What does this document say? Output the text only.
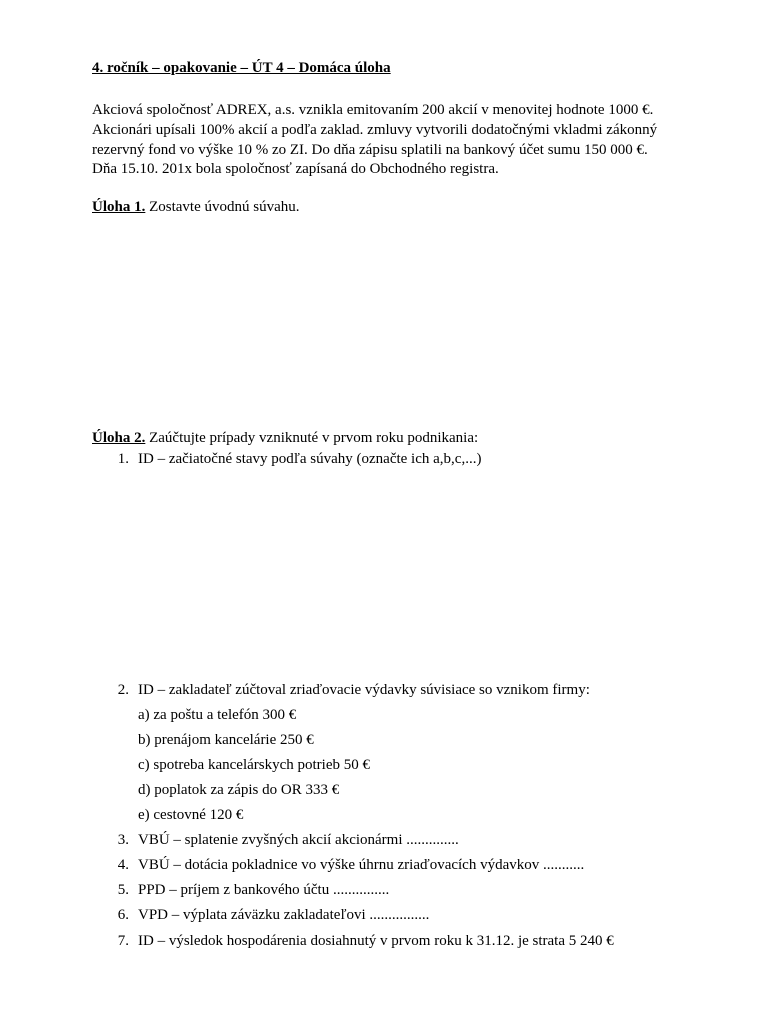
4. ročník – opakovanie – ÚT 4 – Domáca úloha
Akciová spoločnosť ADREX, a.s. vznikla emitovaním 200 akcií v menovitej hodnote 1000 €.
Akcionári upísali 100% akcií a podľa zaklad. zmluvy vytvorili dodatočnými vkladmi zákonný
rezervný fond vo výške 10 % zo ZI. Do dňa zápisu splatili na bankový účet sumu 150 000 €.
Dňa 15.10. 201x bola spoločnosť zapísaná do Obchodného registra.
Úloha 1. Zostavte úvodnú súvahu.
Úloha 2. Zaúčtujte prípady vzniknuté v prvom roku podnikania:
1. ID – začiatočné stavy podľa súvahy (označte ich a,b,c,...)
2. ID – zakladateľ zúčtoval zriaďovacie výdavky súvisiace so vznikom firmy:
a) za poštu a telefón 300 €
b) prenájom kancelárie 250 €
c) spotreba kancelárskych potrieb 50 €
d) poplatok za zápis do OR 333 €
e) cestovné 120 €
3. VBÚ – splatenie zvyšných akcií akcionármi ..............
4. VBÚ – dotácia pokladnice vo výške úhrnu zriaďovacích výdavkov ...........
5. PPD – príjem z bankového účtu ...............
6. VPD – výplata záväzku zakladateľovi ................
7. ID – výsledok hospodárenia dosiahnutý v prvom roku k 31.12. je strata 5 240 €
